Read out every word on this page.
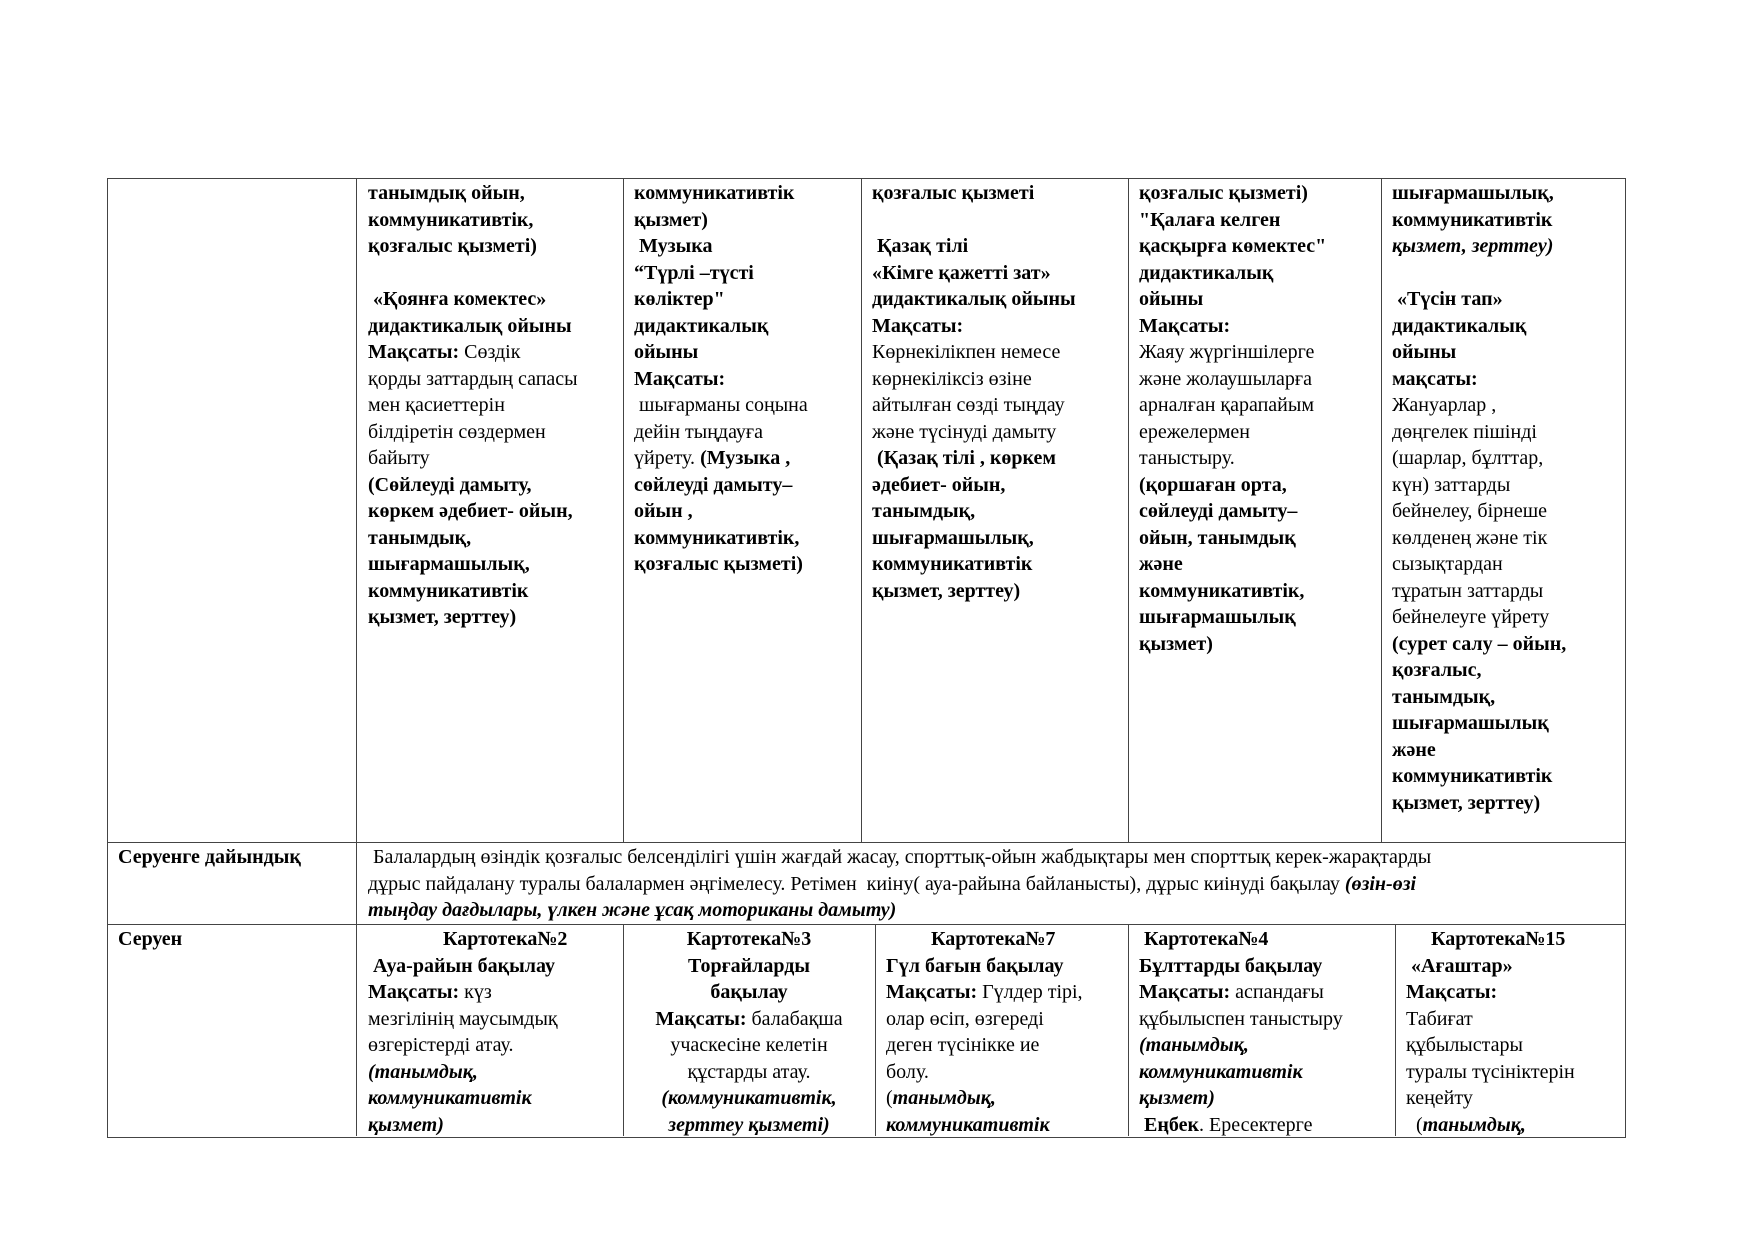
танымдық ойын,

коммуникативтік,

қозғалыс қызметі)

«Қоянға комектес»

дидактикалық ойыны

Мақсаты: Сөздік

қорды заттардың сапасы

мен қасиеттерін

білдіретін сөздермен

байыту

(Сөйлеуді дамыту,

көркем әдебиет- ойын,

танымдық,

шығармашылық,

коммуникативтік

қызмет, зерттеу)

коммуникативтік

қызмет)

Музыка

“Түрлі –түсті

көліктер"

дидактикалық

ойыны

Мақсаты:

шығарманы соңына

дейін тыңдауға

үйрету. (Музыка ,

сөйлеуді дамыту–

ойын ,

коммуникативтік,

қозғалыс қызметі)

қозғалыс қызметі

Қазақ тілі

«Кімге қажетті зат»

дидактикалық ойыны

Мақсаты:

Көрнекілікпен немесе

көрнекіліксіз өзіне

айтылған сөзді тыңдау

және түсінуді дамыту

(Қазақ тілі , көркем

әдебиет- ойын,

танымдық,

шығармашылық,

коммуникативтік

қызмет, зерттеу)

қозғалыс қызметі)

"Қалаға келген

қасқырға көмектес"

дидактикалық

ойыны

Мақсаты:

Жаяу жүргіншілерге

және жолаушыларға

арналған қарапайым

ережелермен

таныстыру.

(қоршаған орта,

сөйлеуді дамыту–

ойын, танымдық

және

коммуникативтік,

шығармашылық

қызмет)

шығармашылық,

коммуникативтік

қызмет, зерттеу)

«Түсін тап»

дидактикалық

ойыны

мақсаты:

Жануарлар ,

дөңгелек пішінді

(шарлар, бұлттар,

күн) заттарды

бейнелеу, бірнеше

көлденең және тік

сызықтардан

тұратын заттарды

бейнелеуге үйрету

(сурет салу – ойын,

қозғалыс,

танымдық,

шығармашылық

және

коммуникативтік

қызмет, зерттеу)

Серуенге дайындық	Балалардың өзіндік қозғалыс белсенділігі үшін жағдай жасау, спорттық-ойын жабдықтары мен спорттық керек-жарақтарды

дұрыс пайдалану туралы балалармен әңгімелесу. Ретімен  киіну( ауа-райына байланысты), дұрыс киінуді бақылау (өзін-өзі

тыңдау дағдылары, үлкен және ұсақ моториканы дамыту)

Серуен	Картотека№2

Ауа-райын бақылау

Мақсаты: күз

мезгілінің маусымдық

өзгерістерді атау.

(танымдық,

коммуникативтік

қызмет)

Картотека№3

Торғайларды

бақылау

Мақсаты: балабақша

учаскесіне келетін

құстарды атау.

(коммуникативтік,

зерттеу қызметі)

Картотека№7

Гүл бағын бақылау

Мақсаты: Гүлдер тірі,

олар өсіп, өзгереді

деген түсінікке ие

болу.

(танымдық,

коммуникативтік

Картотека№4

Бұлттарды бақылау

Мақсаты: аспандағы

құбылыспен таныстыру

(танымдық,

коммуникативтік

қызмет)

Еңбек. Ересектерге

Картотека№15

«Ағаштар»

Мақсаты:

Табиғат

құбылыстары

туралы түсініктерін

кеңейту

(танымдық,
